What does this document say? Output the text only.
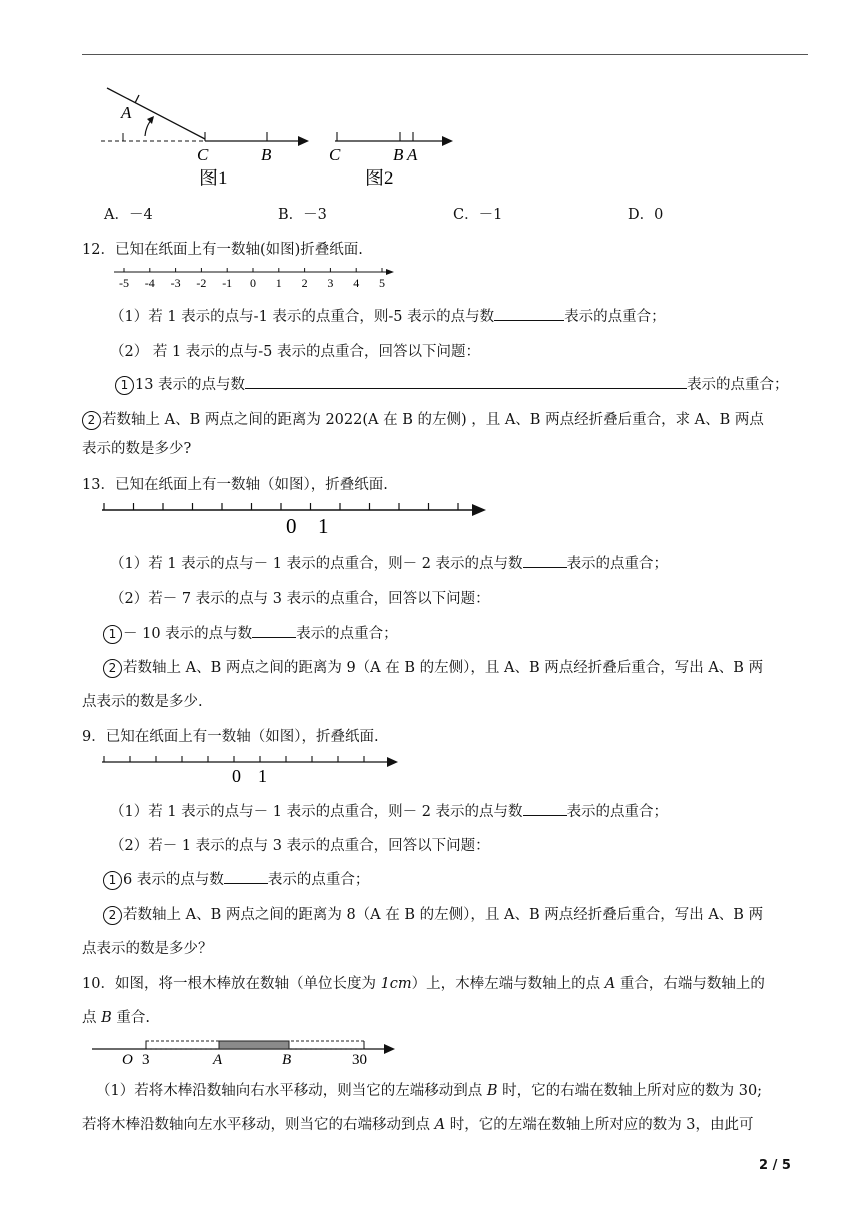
A
C	B
图1
C	B A
图2
A．－4	B．－3	C．－1	D．0
12．已知在纸面上有一数轴(如图)折叠纸面.
-5 -4 -3 -2 -1 0 1 2 3 4 5
（1）若 1 表示的点与-1 表示的点重合，则-5 表示的点与数	表示的点重合；
（2） 若 1 表示的点与-5 表示的点重合，回答以下问题：
1 13 表示的点与数	表示的点重合；
2 若数轴上 A、B 两点之间的距离为 2022(A 在 B 的左侧) ，且 A、B 两点经折叠后重合，求 A、B 两点
表示的数是多少?
13．已知在纸面上有一数轴（如图），折叠纸面.
0 1
（1）若 1 表示的点与－ 1 表示的点重合，则－ 2 表示的点与数	表示的点重合；
（2）若－ 7 表示的点与 3 表示的点重合，回答以下问题：
1 － 10 表示的点与数	表示的点重合；
2 若数轴上 A、B 两点之间的距离为 9（A 在 B 的左侧），且 A、B 两点经折叠后重合，写出 A、B 两
点表示的数是多少.
9．已知在纸面上有一数轴（如图），折叠纸面.
0 1
（1）若 1 表示的点与－ 1 表示的点重合，则－ 2 表示的点与数	表示的点重合；
（2）若－ 1 表示的点与 3 表示的点重合，回答以下问题：
1 6 表示的点与数	表示的点重合；
2 若数轴上 A、B 两点之间的距离为 8（A 在 B 的左侧），且 A、B 两点经折叠后重合，写出 A、B 两
点表示的数是多少？
10．如图，将一根木棒放在数轴（单位长度为 1cm）上，木棒左端与数轴上的点 A 重合，右端与数轴上的
点 B 重合.
O 3	A	B	30
（1）若将木棒沿数轴向右水平移动，则当它的左端移动到点 B 时，它的右端在数轴上所对应的数为 30;
若将木棒沿数轴向左水平移动，则当它的右端移动到点 A 时，它的左端在数轴上所对应的数为 3，由此可
2 / 5
